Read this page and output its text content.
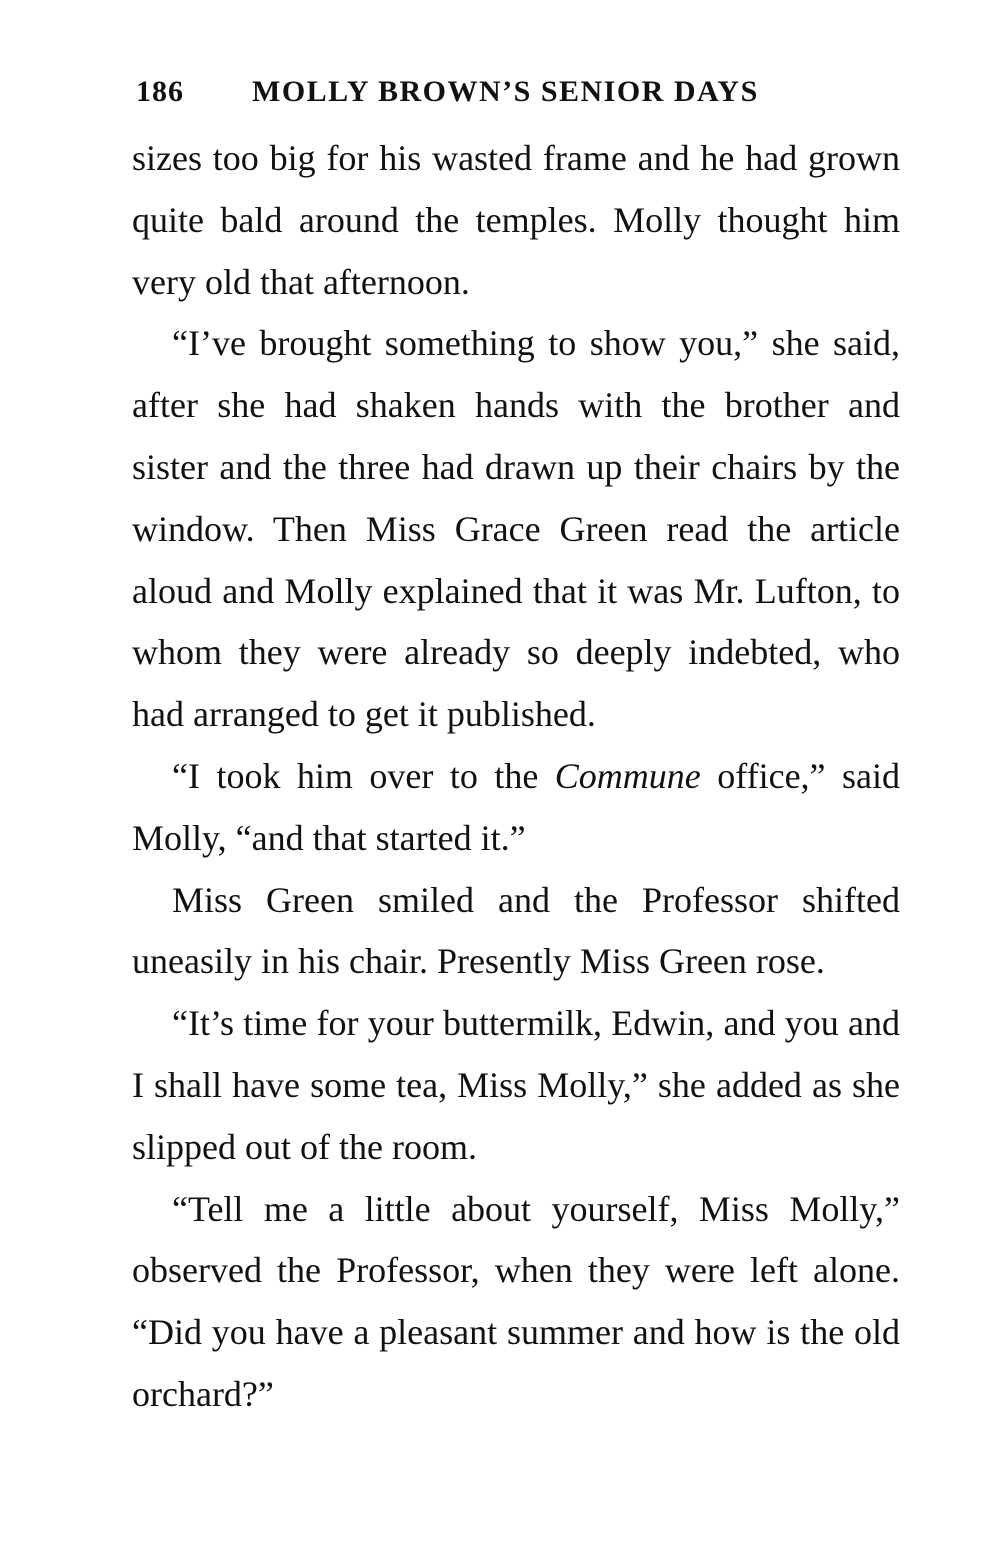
186 MOLLY BROWN’S SENIOR DAYS

sizes too big for his wasted frame and he had grown quite bald around the temples. Molly thought him very old that afternoon.

“I’ve brought something to show you,” she said, after she had shaken hands with the brother and sister and the three had drawn up their chairs by the window. Then Miss Grace Green read the article aloud and Molly explained that it was Mr. Lufton, to whom they were already so deeply indebted, who had arranged to get it published.

“I took him over to the Commune office,” said Molly, “and that started it.”

Miss Green smiled and the Professor shifted uneasily in his chair. Presently Miss Green rose.

“It’s time for your buttermilk, Edwin, and you and I shall have some tea, Miss Molly,” she added as she slipped out of the room.

“Tell me a little about yourself, Miss Molly,” observed the Professor, when they were left alone. “Did you have a pleasant summer and how is the old orchard?”
